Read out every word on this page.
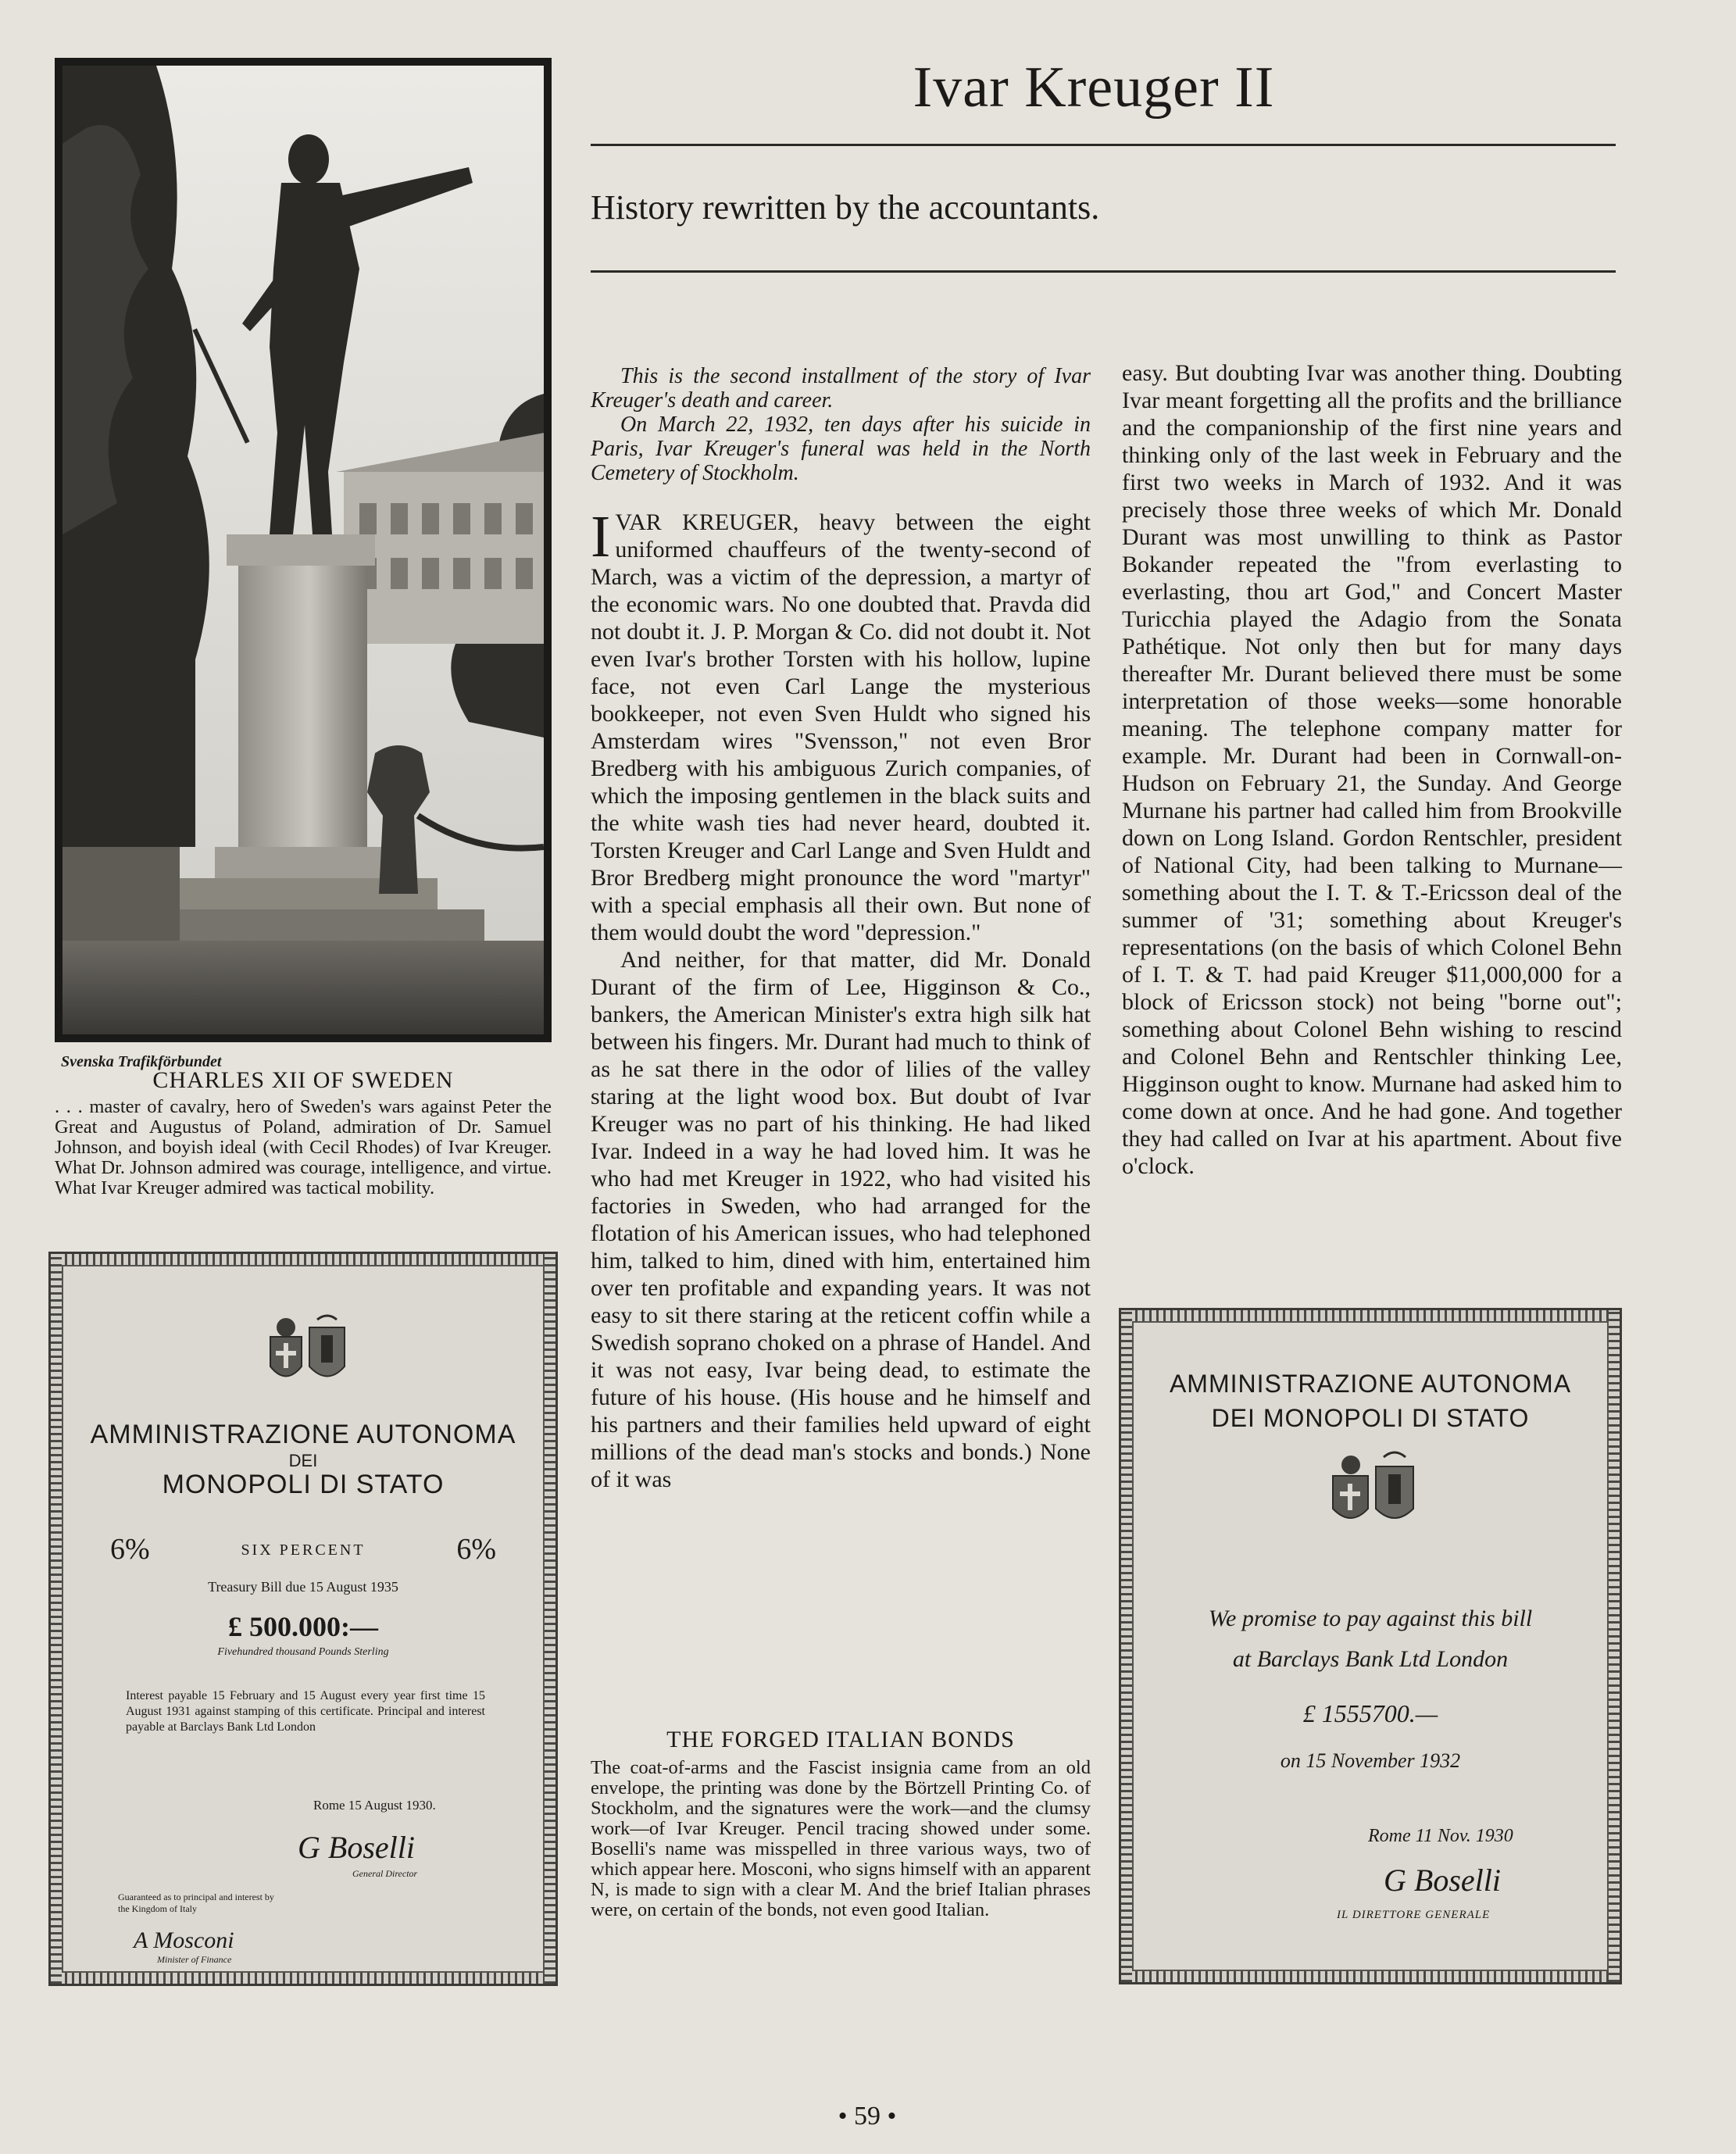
Ivar Kreuger II
History rewritten by the accountants.
Svenska Trafikförbundet
CHARLES XII OF SWEDEN
. . . master of cavalry, hero of Sweden's wars against Peter the Great and Augustus of Poland, admiration of Dr. Samuel Johnson, and boyish ideal (with Cecil Rhodes) of Ivar Kreuger. What Dr. Johnson admired was courage, intelligence, and virtue. What Ivar Kreuger admired was tactical mobility.
AMMINISTRAZIONE AUTONOMA
DEI
MONOPOLI DI STATO
6%	SIX PERCENT	6%
Treasury Bill due 15 August 1935
£ 500.000:—
Fivehundred thousand Pounds Sterling
Interest payable 15 February and 15 August every year first time 15 August 1931 against stamping of this certificate. Principal and interest payable at Barclays Bank Ltd London
Rome 15 August 1930.
G Boselli
General Director
Guaranteed as to principal and interest by the Kingdom of Italy
A Mosconi
Minister of Finance
AMMINISTRAZIONE AUTONOMA
DEI MONOPOLI DI STATO
We promise to pay against this bill
at Barclays Bank Ltd London
£ 1555700.—
on 15 November 1932
Rome 11 Nov. 1930
G Boselli
IL DIRETTORE GENERALE

This is the second installment of the story of Ivar Kreuger's death and career.

On March 22, 1932, ten days after his suicide in Paris, Ivar Kreuger's funeral was held in the North Cemetery of Stockholm.

IVAR KREUGER, heavy between the eight uniformed chauffeurs of the twenty-second of March, was a victim of the depression, a martyr of the economic wars. No one doubted that. Pravda did not doubt it. J. P. Morgan & Co. did not doubt it. Not even Ivar's brother Torsten with his hollow, lupine face, not even Carl Lange the mysterious bookkeeper, not even Sven Huldt who signed his Amsterdam wires "Svensson," not even Bror Bredberg with his ambiguous Zurich companies, of which the imposing gentlemen in the black suits and the white wash ties had never heard, doubted it. Torsten Kreuger and Carl Lange and Sven Huldt and Bror Bredberg might pronounce the word "martyr" with a special emphasis all their own. But none of them would doubt the word "depression."

And neither, for that matter, did Mr. Donald Durant of the firm of Lee, Higginson & Co., bankers, the American Minister's extra high silk hat between his fingers. Mr. Durant had much to think of as he sat there in the odor of lilies of the valley staring at the light wood box. But doubt of Ivar Kreuger was no part of his thinking. He had liked Ivar. Indeed in a way he had loved him. It was he who had met Kreuger in 1922, who had visited his factories in Sweden, who had arranged for the flotation of his American issues, who had telephoned him, talked to him, dined with him, entertained him over ten profitable and expanding years. It was not easy to sit there staring at the reticent coffin while a Swedish soprano choked on a phrase of Handel. And it was not easy, Ivar being dead, to estimate the future of his house. (His house and he himself and his partners and their families held upward of eight millions of the dead man's stocks and bonds.) None of it was

easy. But doubting Ivar was another thing. Doubting Ivar meant forgetting all the profits and the brilliance and the companionship of the first nine years and thinking only of the last week in February and the first two weeks in March of 1932. And it was precisely those three weeks of which Mr. Donald Durant was most unwilling to think as Pastor Bokander repeated the "from everlasting to everlasting, thou art God," and Concert Master Turicchia played the Adagio from the Sonata Pathétique. Not only then but for many days thereafter Mr. Durant believed there must be some interpretation of those weeks—some honorable meaning. The telephone company matter for example. Mr. Durant had been in Cornwall-on-Hudson on February 21, the Sunday. And George Murnane his partner had called him from Brookville down on Long Island. Gordon Rentschler, president of National City, had been talking to Murnane—something about the I. T. & T.-Ericsson deal of the summer of '31; something about Kreuger's representations (on the basis of which Colonel Behn of I. T. & T. had paid Kreuger $11,000,000 for a block of Ericsson stock) not being "borne out"; something about Colonel Behn wishing to rescind and Colonel Behn and Rentschler thinking Lee, Higginson ought to know. Murnane had asked him to come down at once. And he had gone. And together they had called on Ivar at his apartment. About five o'clock.

THE FORGED ITALIAN BONDS
The coat-of-arms and the Fascist insignia came from an old envelope, the printing was done by the Börtzell Printing Co. of Stockholm, and the signatures were the work—and the clumsy work—of Ivar Kreuger. Pencil tracing showed under some. Boselli's name was misspelled in three various ways, two of which appear here. Mosconi, who signs himself with an apparent N, is made to sign with a clear M. And the brief Italian phrases were, on certain of the bonds, not even good Italian.
• 59 •
